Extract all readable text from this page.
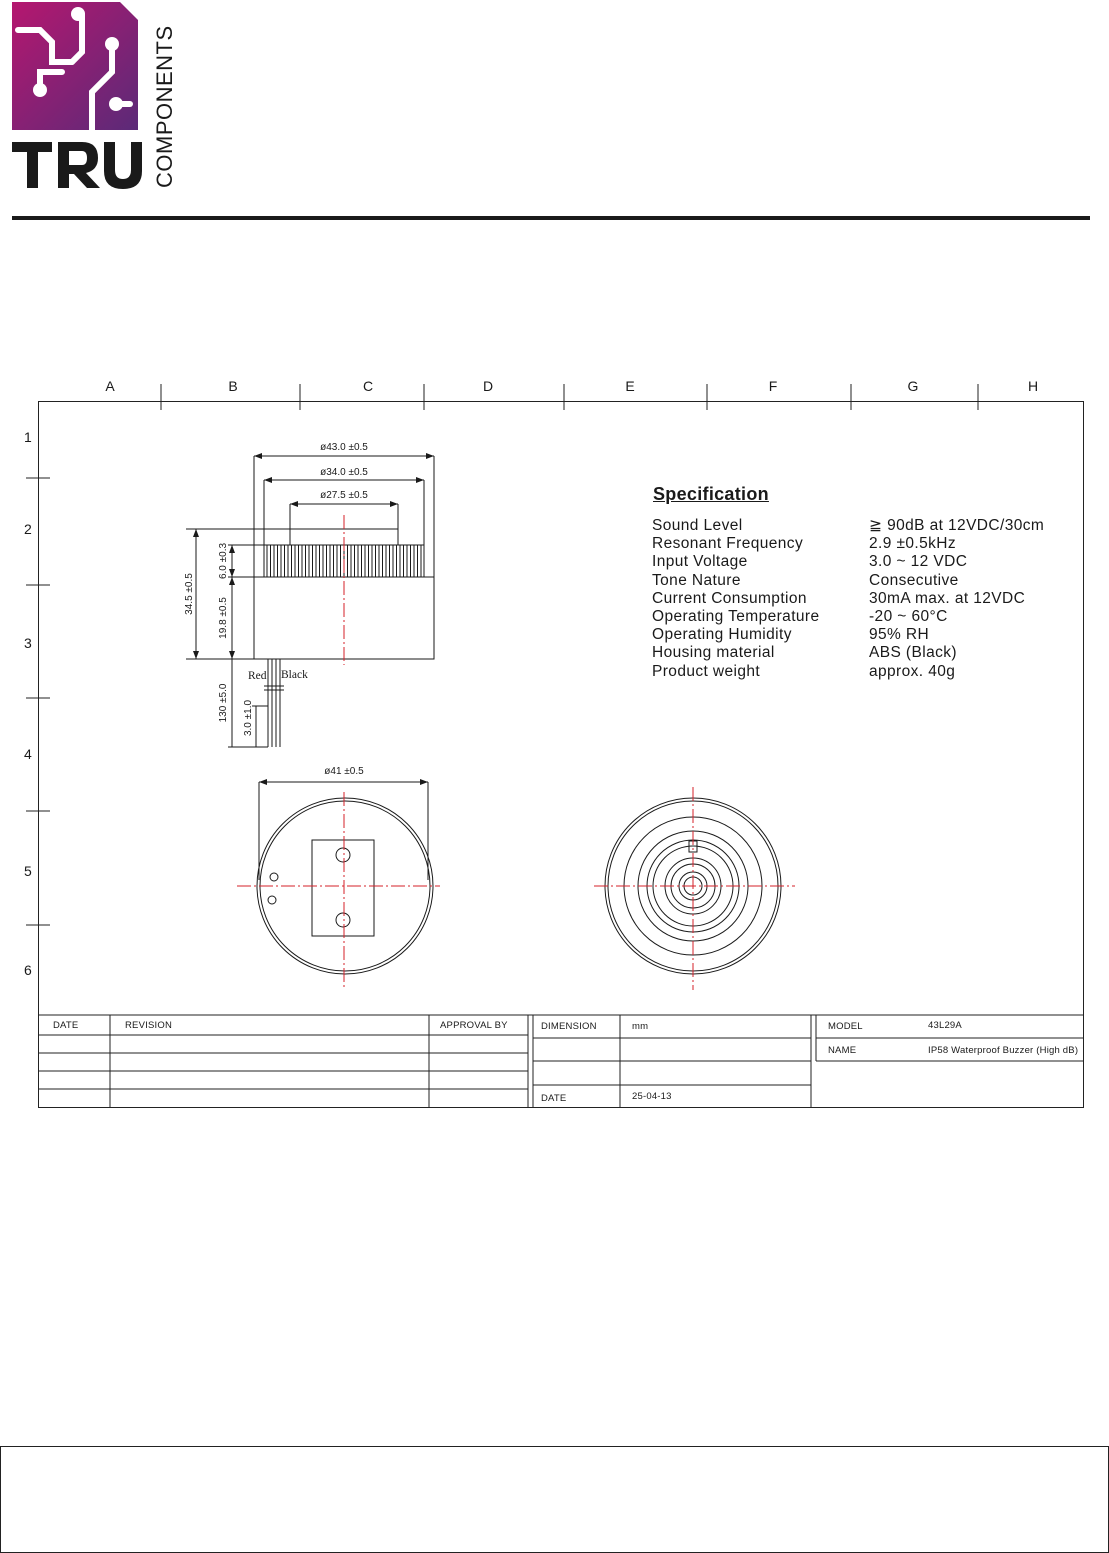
COMPONENTS
A	B	C	D	E	F	G	H
1
2
3
4
5
6
ø43.0 ±0.5
ø34.0 ±0.5
ø27.5 ±0.5
ø41 ±0.5
34.5 ±0.5
6.0 ±0.3
19.8 ±0.5
130 ±5.0 3.0 ±1.0
Red Black
Specification
Sound Level	≧ 90dB at 12VDC/30cm
Resonant Frequency	2.9 ±0.5kHz
Input Voltage	3.0 ~ 12 VDC
Tone Nature	Consecutive
Current Consumption	30mA max. at 12VDC
Operating Temperature	-20 ~ 60°C
Operating Humidity	95% RH
Housing material	ABS (Black)
Product weight	approx. 40g
DATE	REVISION	APPROVAL BY	DIMENSION	mm
DATE	25-04-13
MODEL	43L29A
NAME	IP58 Waterproof Buzzer (High dB)
